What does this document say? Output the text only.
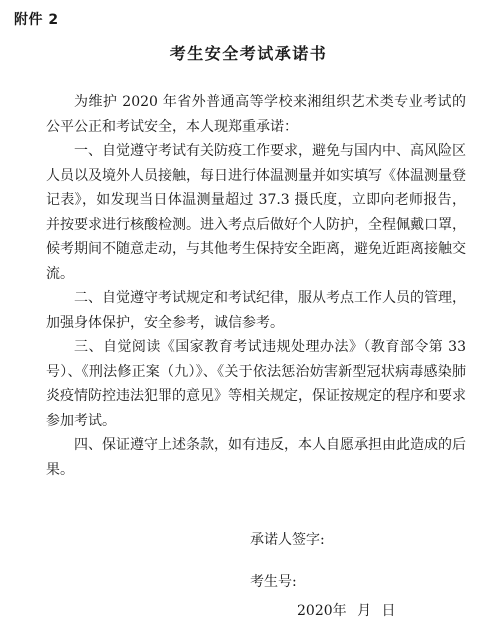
附件 2
考生安全考试承诺书

为维护 2020 年省外普通高等学校来湘组织艺术类专业考试的公平公正和考试安全，本人现郑重承诺：

一、自觉遵守考试有关防疫工作要求，避免与国内中、高风险区人员以及境外人员接触，每日进行体温测量并如实填写《体温测量登记表》，如发现当日体温测量超过 37.3 摄氏度，立即向老师报告，并按要求进行核酸检测。进入考点后做好个人防护，全程佩戴口罩，候考期间不随意走动，与其他考生保持安全距离，避免近距离接触交流。

二、自觉遵守考试规定和考试纪律，服从考点工作人员的管理，加强身体保护，安全参考，诚信参考。

三、自觉阅读《国家教育考试违规处理办法》（教育部令第 33 号）、《刑法修正案（九）》、《关于依法惩治妨害新型冠状病毒感染肺炎疫情防控违法犯罪的意见》等相关规定，保证按规定的程序和要求参加考试。

四、保证遵守上述条款，如有违反，本人自愿承担由此造成的后果。

承诺人签字:
考生号:
2020年 月 日
